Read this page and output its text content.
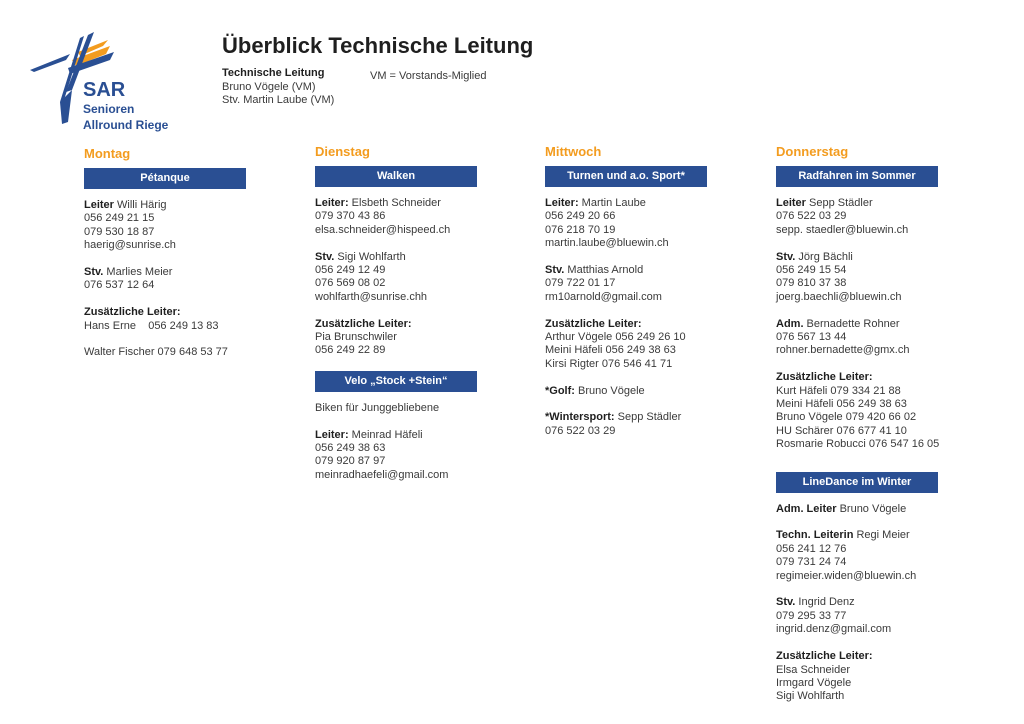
SAR
Senioren
Allround Riege
Überblick Technische Leitung
Technische Leitung
Bruno Vögele (VM)
Stv. Martin Laube (VM)
VM = Vorstands-Miglied
Montag
Pétanque
Leiter Willi Härig
056 249 21 15
079 530 18 87
haerig@sunrise.ch
Stv. Marlies Meier
076 537 12 64
Zusätzliche Leiter:
Hans Erne    056 249 13 83
Walter Fischer 079 648 53 77
Dienstag
Walken
Leiter: Elsbeth Schneider
079 370 43 86
elsa.schneider@hispeed.ch
Stv. Sigi Wohlfarth
056 249 12 49
076 569 08 02
wohlfarth@sunrise.chh
Zusätzliche Leiter:
Pia Brunschwiler
056 249 22 89
Velo „Stock +Stein“
Biken für Junggebliebene
Leiter: Meinrad Häfeli
056 249 38 63
079 920 87 97
meinradhaefeli@gmail.com
Mittwoch
Turnen und a.o. Sport*
Leiter: Martin Laube
056 249 20 66
076 218 70 19
martin.laube@bluewin.ch
Stv. Matthias Arnold
079 722 01 17
rm10arnold@gmail.com
Zusätzliche Leiter:
Arthur Vögele 056 249 26 10
Meini Häfeli 056 249 38 63
Kirsi Rigter 076 546 41 71
*Golf: Bruno Vögele
*Wintersport: Sepp Städler
076 522 03 29
Donnerstag
Radfahren im Sommer
Leiter Sepp Städler
076 522 03 29
sepp. staedler@bluewin.ch
Stv. Jörg Bächli
056 249 15 54
079 810 37 38
joerg.baechli@bluewin.ch
Adm. Bernadette Rohner
076 567 13 44
rohner.bernadette@gmx.ch
Zusätzliche Leiter:
Kurt Häfeli 079 334 21 88
Meini Häfeli 056 249 38 63
Bruno Vögele 079 420 66 02
HU Schärer 076 677 41 10
Rosmarie Robucci 076 547 16 05
LineDance im Winter
Adm. Leiter Bruno Vögele
Techn. Leiterin Regi Meier
056 241 12 76
079 731 24 74
regimeier.widen@bluewin.ch
Stv. Ingrid Denz
079 295 33 77
ingrid.denz@gmail.com
Zusätzliche Leiter:
Elsa Schneider
Irmgard Vögele
Sigi Wohlfarth
